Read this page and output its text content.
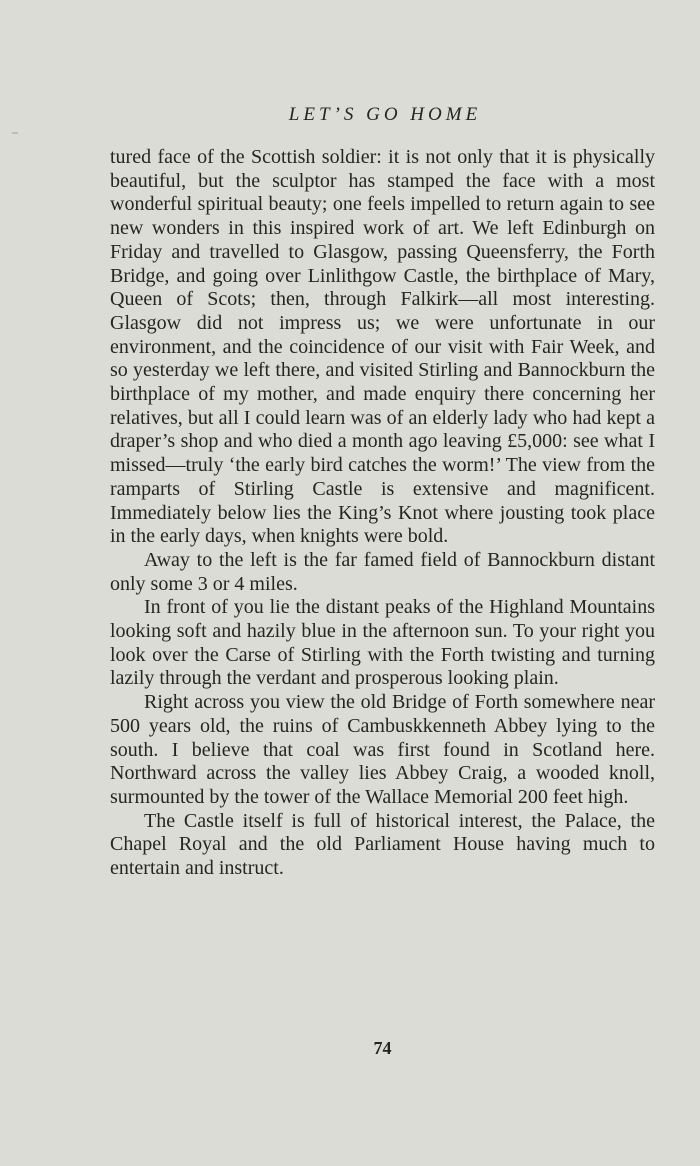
LET’S GO HOME

tured face of the Scottish soldier: it is not only that it is physically beautiful, but the sculptor has stamped the face with a most wonderful spiritual beauty; one feels impelled to return again to see new wonders in this inspired work of art. We left Edinburgh on Friday and travelled to Glasgow, passing Queensferry, the Forth Bridge, and going over Linlithgow Castle, the birthplace of Mary, Queen of Scots; then, through Falkirk—all most interesting. Glasgow did not impress us; we were unfortunate in our environment, and the coincidence of our visit with Fair Week, and so yesterday we left there, and visited Stirling and Bannockburn the birthplace of my mother, and made enquiry there concerning her relatives, but all I could learn was of an elderly lady who had kept a draper’s shop and who died a month ago leaving £5,000: see what I missed—truly ‘the early bird catches the worm!’ The view from the ramparts of Stirling Castle is extensive and magnificent. Immediately below lies the King’s Knot where jousting took place in the early days, when knights were bold.

Away to the left is the far famed field of Bannockburn distant only some 3 or 4 miles.

In front of you lie the distant peaks of the Highland Mountains looking soft and hazily blue in the afternoon sun. To your right you look over the Carse of Stirling with the Forth twisting and turning lazily through the verdant and prosperous looking plain.

Right across you view the old Bridge of Forth somewhere near 500 years old, the ruins of Cambuskkenneth Abbey lying to the south. I believe that coal was first found in Scotland here. Northward across the valley lies Abbey Craig, a wooded knoll, surmounted by the tower of the Wallace Memorial 200 feet high.

The Castle itself is full of historical interest, the Palace, the Chapel Royal and the old Parliament House having much to entertain and instruct.

74
